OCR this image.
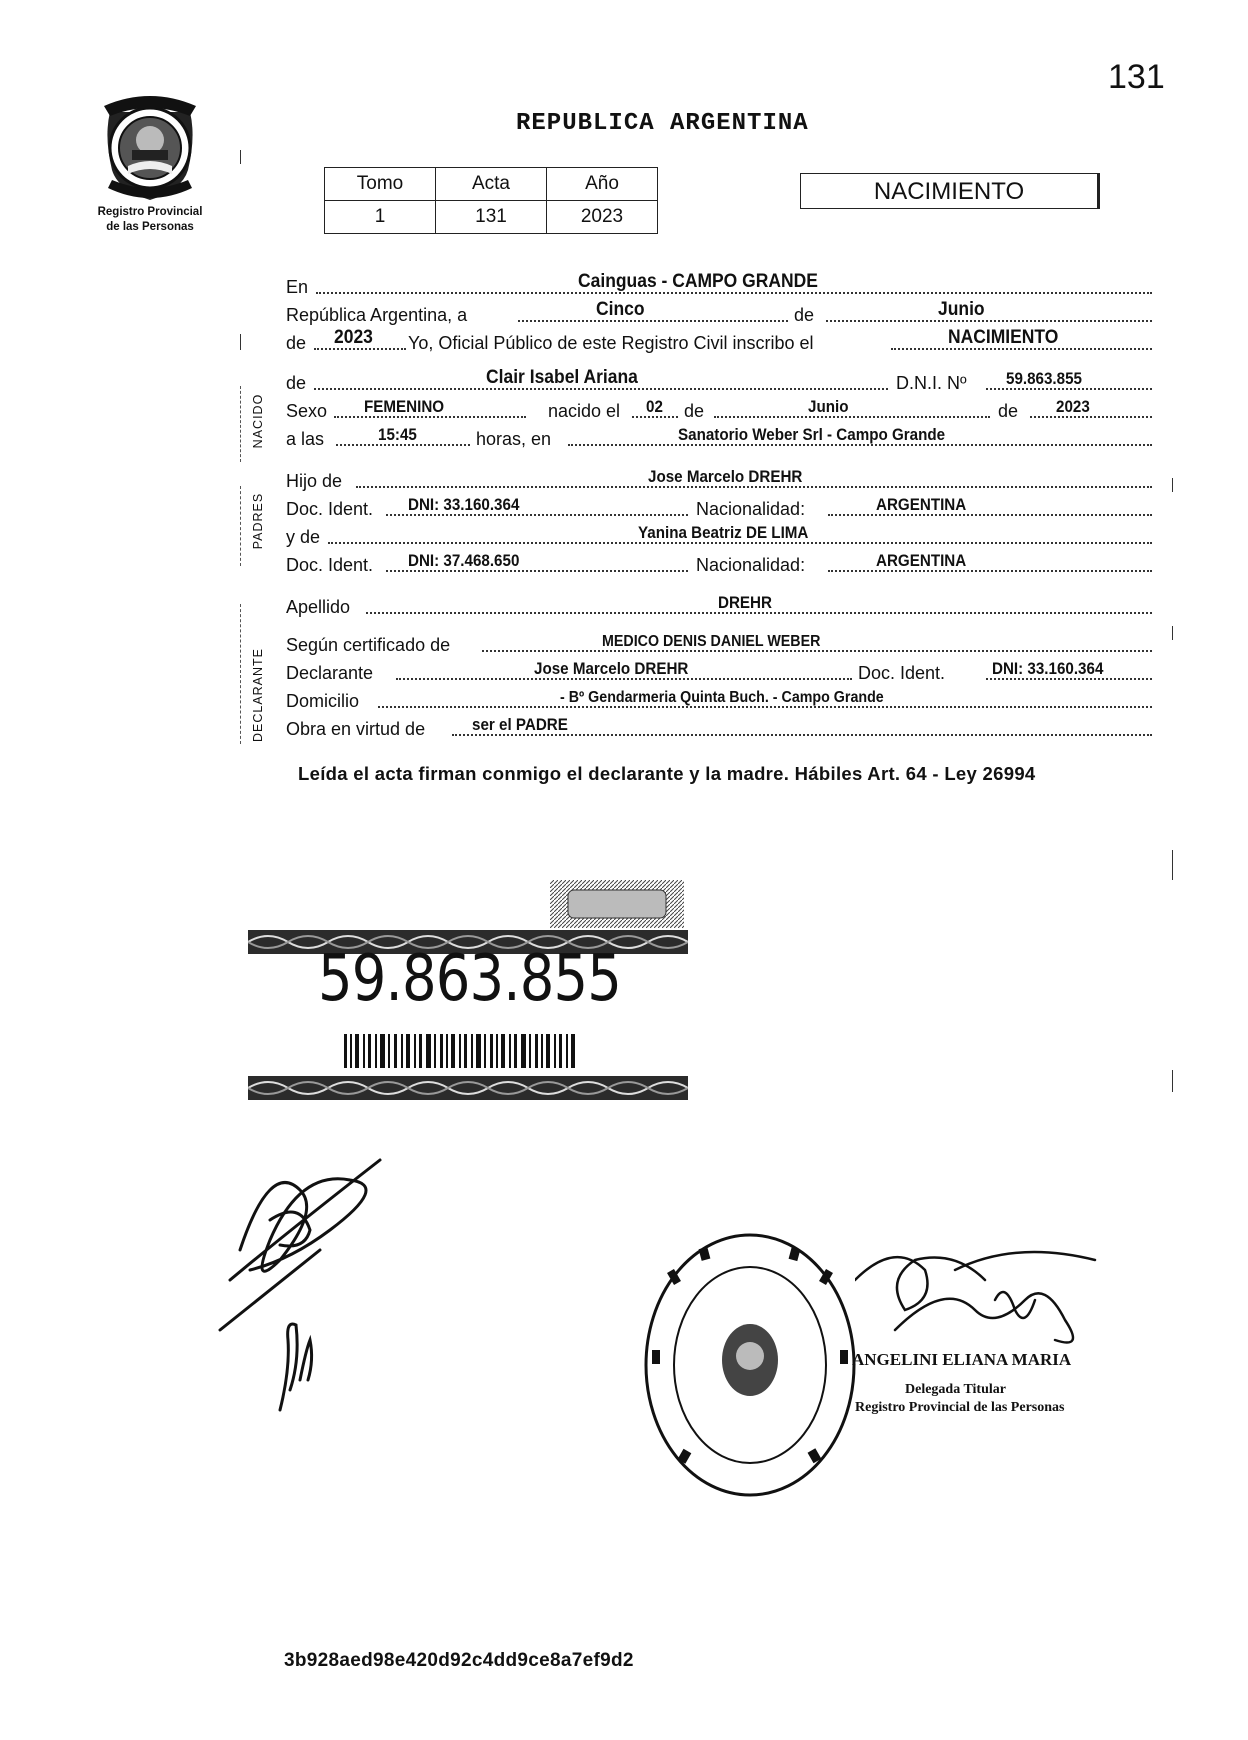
131
REPUBLICA ARGENTINA
Registro Provincial
de las Personas
Tomo	Acta	Año
1	131	2023
NACIMIENTO
NACIDO
PADRES
DECLARANTE
En	Cainguas - CAMPO GRANDE
República Argentina, a	Cinco	de	Junio
de 2023 Yo, Oficial Público de este Registro Civil inscribo el	NACIMIENTO
de	Clair Isabel Ariana	D.N.I. Nº 59.863.855
Sexo FEMENINO	nacido el 02 de	Junio	de 2023
a las	15:45	horas, en	Sanatorio Weber Srl - Campo Grande
Hijo de	Jose Marcelo DREHR
Doc. Ident. DNI: 33.160.364	Nacionalidad:	ARGENTINA
y de	Yanina Beatriz DE LIMA
Doc. Ident. DNI: 37.468.650	Nacionalidad:	ARGENTINA
Apellido	DREHR
Según certificado de	MEDICO DENIS DANIEL WEBER
Declarante	Jose Marcelo DREHR	Doc. Ident.	DNI: 33.160.364
Domicilio	- Bº Gendarmeria Quinta Buch. - Campo Grande
Obra en virtud de	ser el PADRE
Leída el acta firman conmigo el declarante y la madre. Hábiles Art. 64 - Ley 26994
59.863.855
ANGELINI ELIANA MARIA
Delegada Titular
Registro Provincial de las Personas
3b928aed98e420d92c4dd9ce8a7ef9d2
